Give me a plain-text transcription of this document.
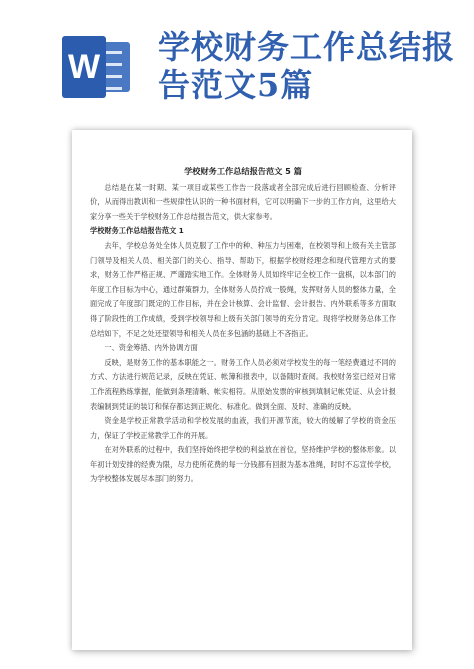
W
学校财务工作总结报告范文5篇
学校财务工作总结报告范文 5 篇

总结是在某一时期、某一项目或某些工作告一段落或者全部完成后进行回顾检查、分析评价，从而得出教训和一些规律性认识的一种书面材料，它可以明确下一步的工作方向，这里给大家分享一些关于学校财务工作总结报告范文，供大家参考。

学校财务工作总结报告范文 1

去年，学校总务处全体人员克服了工作中的种、种压力与困难，在校领导和上级有关主管部门领导及相关人员、相关部门的关心、指导、帮助下，根据学校财经理念和现代管理方式的要求，财务工作严格正规、严谨踏实地工作。全体财务人员如终牢记全校工作一盘棋，以本部门的年度工作目标为中心，通过群策群力，全体财务人员拧成一股绳，发挥财务人员的整体力量，全面完成了年度部门既定的工作目标，并在会计核算、会计监督、会计报告、内外联系等多方面取得了阶段性的工作成绩，受到学校领导和上级有关部门领导的充分肯定。现将学校财务总体工作总结如下，不足之处还望领导和相关人员在多包涵的基础上不吝指正。

一、资金筹措、内外协调方面

反映，是财务工作的基本职能之一。财务工作人员必须对学校发生的每一笔经费通过不同的方式、方法进行规范记录，反映在凭证、帐簿和报表中，以备随时查阅。我校财务室已经对日常工作流程熟练掌握，能做到条理清晰、帐实相符。从原始发票的审核到填制记帐凭证、从会计报表编制到凭证的装订和保存都达到正规化、标准化。做到全面、及时、准确的反映。

资金是学校正常教学活动和学校发展的血液，我们开源节流，较大的缓解了学校的资金压力，保证了学校正常教学工作的开展。

在对外联系的过程中，我们坚持始终把学校的利益放在首位，坚持维护学校的整体形象。以年初计划安排的经费为限，尽力使所花费的每一分钱都有回报为基本准绳，时时不忘宣传学校，为学校整体发展尽本部门的努力。
